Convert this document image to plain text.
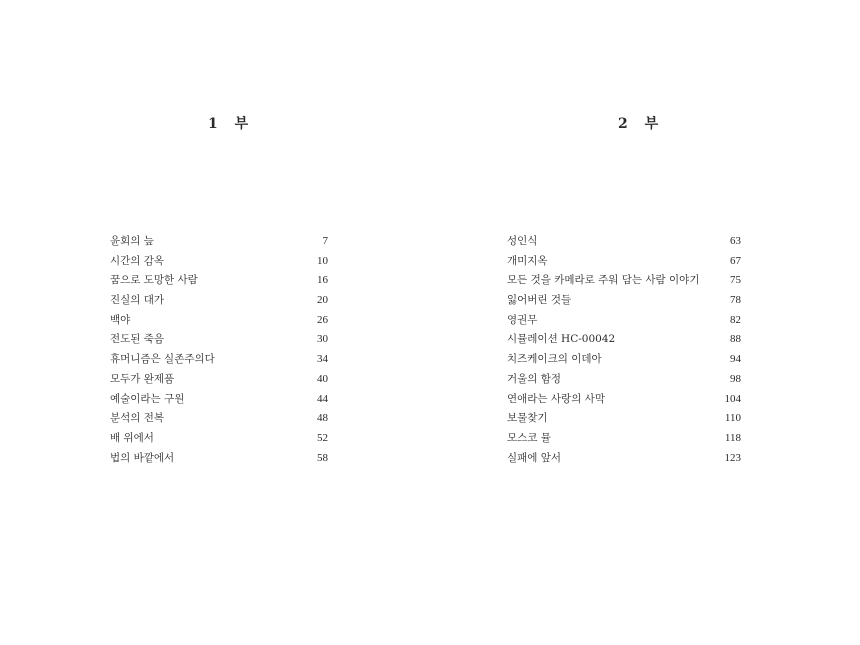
1 부
윤회의 늪	7
시간의 감옥	10
꿈으로 도망한 사람	16
진실의 대가	20
백야	26
전도된 죽음	30
휴머니즘은 실존주의다	34
모두가 완제품	40
예술이라는 구원	44
분석의 전복	48
배 위에서	52
법의 바깥에서	58
2 부
성인식	63
개미지옥	67
모든 것을 카메라로 주워 담는 사람 이야기	75
잃어버린 것들	78
영권무	82
시뮬레이션 HC-00042	88
치즈케이크의 이데아	94
거울의 함정	98
연애라는 사랑의 사막	104
보물찾기	110
모스코 뮬	118
실패에 앞서	123
